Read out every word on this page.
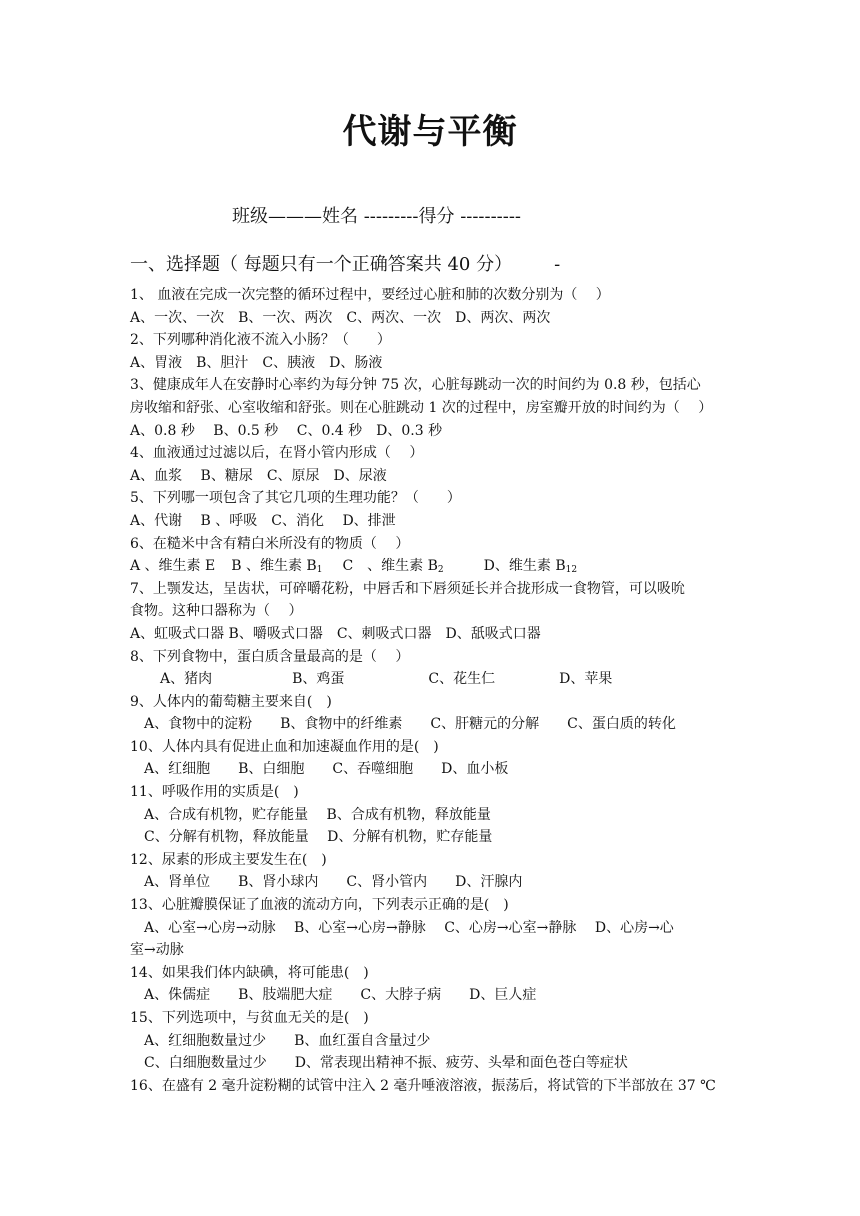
代谢与平衡
班级———姓名 ---------得分 ----------
一、选择题（ 每题只有一个正确答案共 40 分） -
1、 血液在完成一次完整的循环过程中，要经过心脏和肺的次数分别为（　 ）
A、一次、一次　B、一次、两次　C、两次、一次　D、两次、两次
2、下列哪种消化液不流入小肠？（　　）
A、胃液　B、胆汁　C、胰液　D、肠液
3、健康成年人在安静时心率约为每分钟 75 次，心脏每跳动一次的时间约为 0.8 秒，包括心
房收缩和舒张、心室收缩和舒张。则在心脏跳动 1 次的过程中，房室瓣开放的时间约为（　 ）
A、0.8 秒　 B、0.5 秒　 C、0.4 秒　D、0.3 秒
4、血液通过过滤以后，在肾小管内形成（　 ）
A、血浆　 B、糖尿　C、原尿　D、尿液
5、下列哪一项包含了其它几项的生理功能？（　　）
A、代谢　 B 、呼吸　C、消化　 D、排泄
6、在糙米中含有精白米所没有的物质（　 ）
A 、维生素 E B 、维生素 $B_1$ C　、维生素 $B_2$	D、维生素 $B_{12}$
7、上颚发达，呈齿状，可碎嚼花粉，中唇舌和下唇须延长并合拢形成一食物管，可以吸吮
食物。这种口器称为（　 ）
A、虹吸式口器 B、嚼吸式口器　C、刺吸式口器　D、舐吸式口器
8、下列食物中，蛋白质含量最高的是（　 ）
A、猪肉	B、鸡蛋	C、花生仁	D、苹果
9、人体内的葡萄糖主要来自(　)
A、食物中的淀粉　　B、食物中的纤维素　　C、肝糖元的分解　　C、蛋白质的转化
10、人体内具有促进止血和加速凝血作用的是(　)
A、红细胞　　B、白细胞　　C、吞噬细胞　　D、血小板
11、呼吸作用的实质是(　)
A、合成有机物，贮存能量　 B、合成有机物，释放能量
C、分解有机物，释放能量　 D、分解有机物，贮存能量
12、尿素的形成主要发生在(　)
A、肾单位　　B、肾小球内　　C、肾小管内　　D、汗腺内
13、心脏瓣膜保证了血液的流动方向，下列表示正确的是(　)
A、心室→心房→动脉　 B、心室→心房→静脉　 C、心房→心室→静脉　 D、心房→心
室→动脉
14、如果我们体内缺碘，将可能患(　)
A、侏儒症　　B、肢端肥大症　　C、大脖子病　　D、巨人症
15、下列选项中，与贫血无关的是(　)
A、红细胞数量过少　　B、血红蛋自含量过少
C、白细胞数量过少　　D、常表现出精神不振、疲劳、头晕和面色苍白等症状
16、在盛有 2 毫升淀粉糊的试管中注入 2 毫升唾液溶液，振荡后，将试管的下半部放在 37 ℃
